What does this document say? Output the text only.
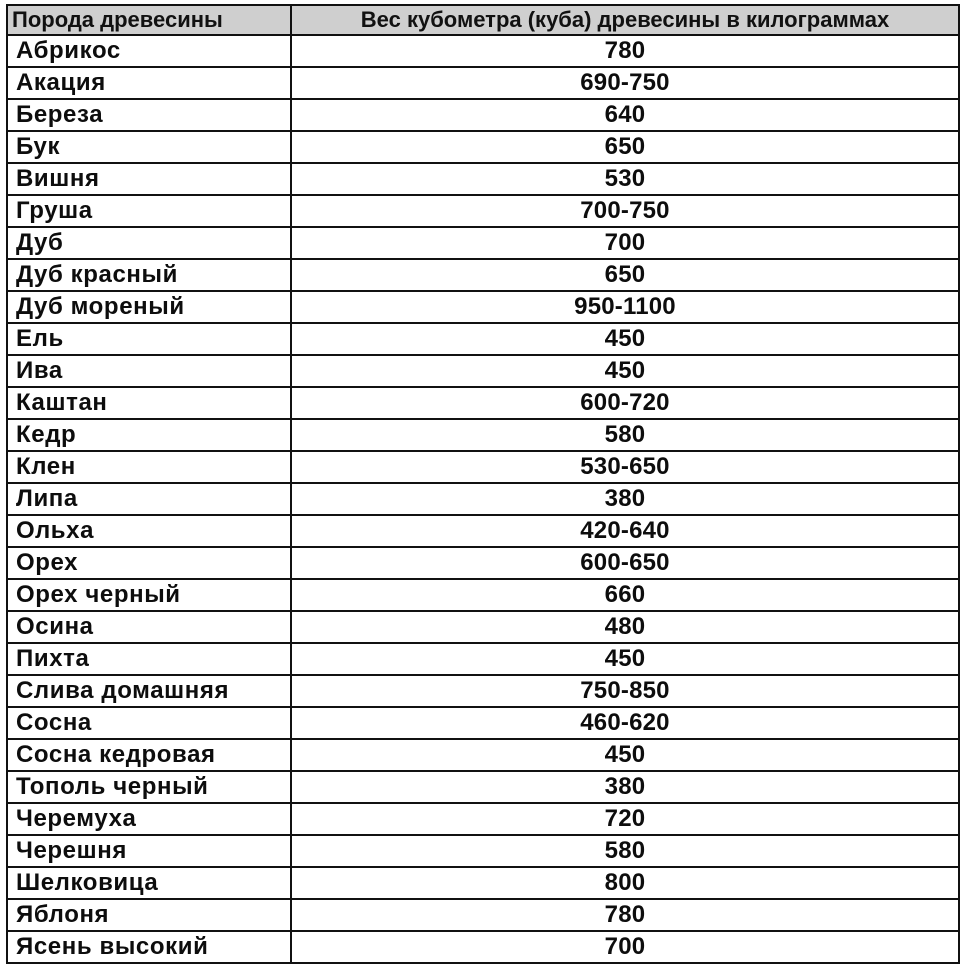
Порода древесины	Вес кубометра (куба) древесины в килограммах
Абрикос	780
Акация	690-750
Береза	640
Бук	650
Вишня	530
Груша	700-750
Дуб	700
Дуб красный	650
Дуб мореный	950-1100
Ель	450
Ива	450
Каштан	600-720
Кедр	580
Клен	530-650
Липа	380
Ольха	420-640
Орех	600-650
Орех черный	660
Осина	480
Пихта	450
Слива домашняя	750-850
Сосна	460-620
Сосна кедровая	450
Тополь черный	380
Черемуха	720
Черешня	580
Шелковица	800
Яблоня	780
Ясень высокий	700
